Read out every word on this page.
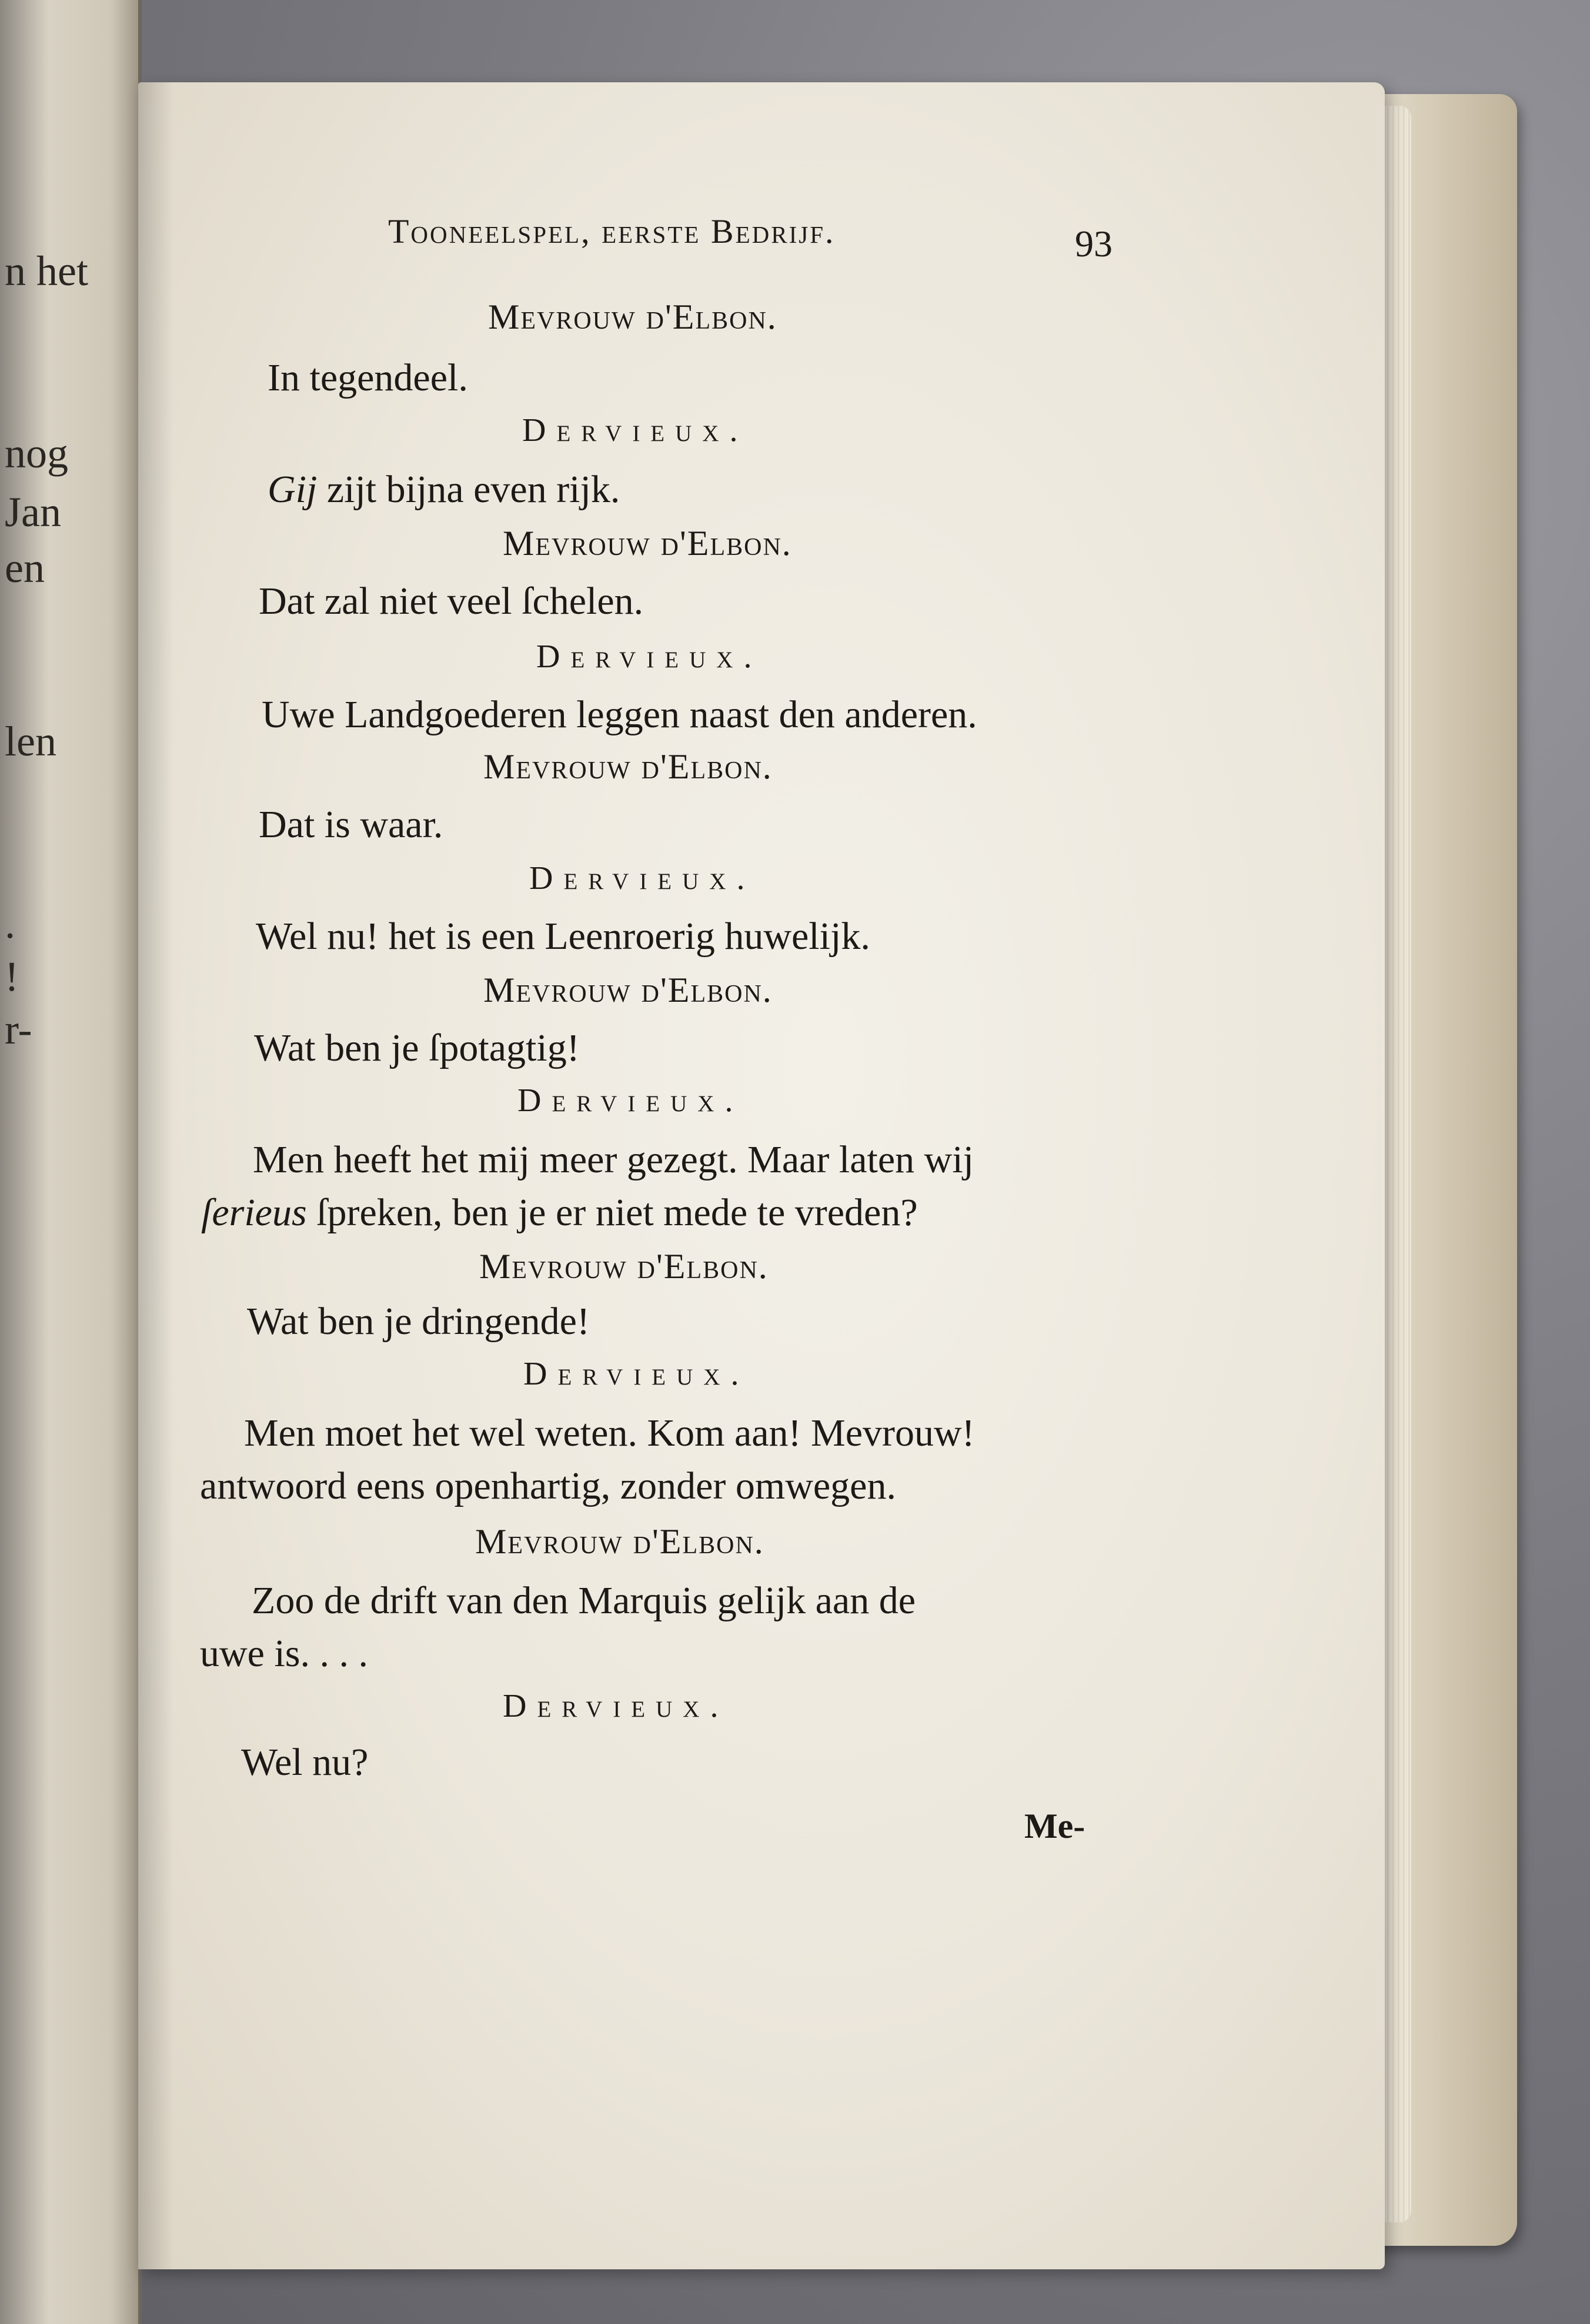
n het
nog
Jan
en
len
.
!
r-
Tooneelspel, eerste Bedrijf.	93
Mevrouw d'Elbon.
In tegendeel.
Dervieux.
Gij zijt bijna even rijk.
Mevrouw d'Elbon.
Dat zal niet veel ſchelen.
Dervieux.
Uwe Landgoederen leggen naast den anderen.
Mevrouw d'Elbon.
Dat is waar.
Dervieux.
Wel nu! het is een Leenroerig huwelijk.
Mevrouw d'Elbon.
Wat ben je ſpotagtig!
Dervieux.
Men heeft het mij meer gezegt. Maar laten wij
ſerieus ſpreken, ben je er niet mede te vreden?
Mevrouw d'Elbon.
Wat ben je dringende!
Dervieux.
Men moet het wel weten. Kom aan! Mevrouw!
antwoord eens openhartig, zonder omwegen.
Mevrouw d'Elbon.
Zoo de drift van den Marquis gelijk aan de
uwe is. . . .
Dervieux.
Wel nu?
Me-
